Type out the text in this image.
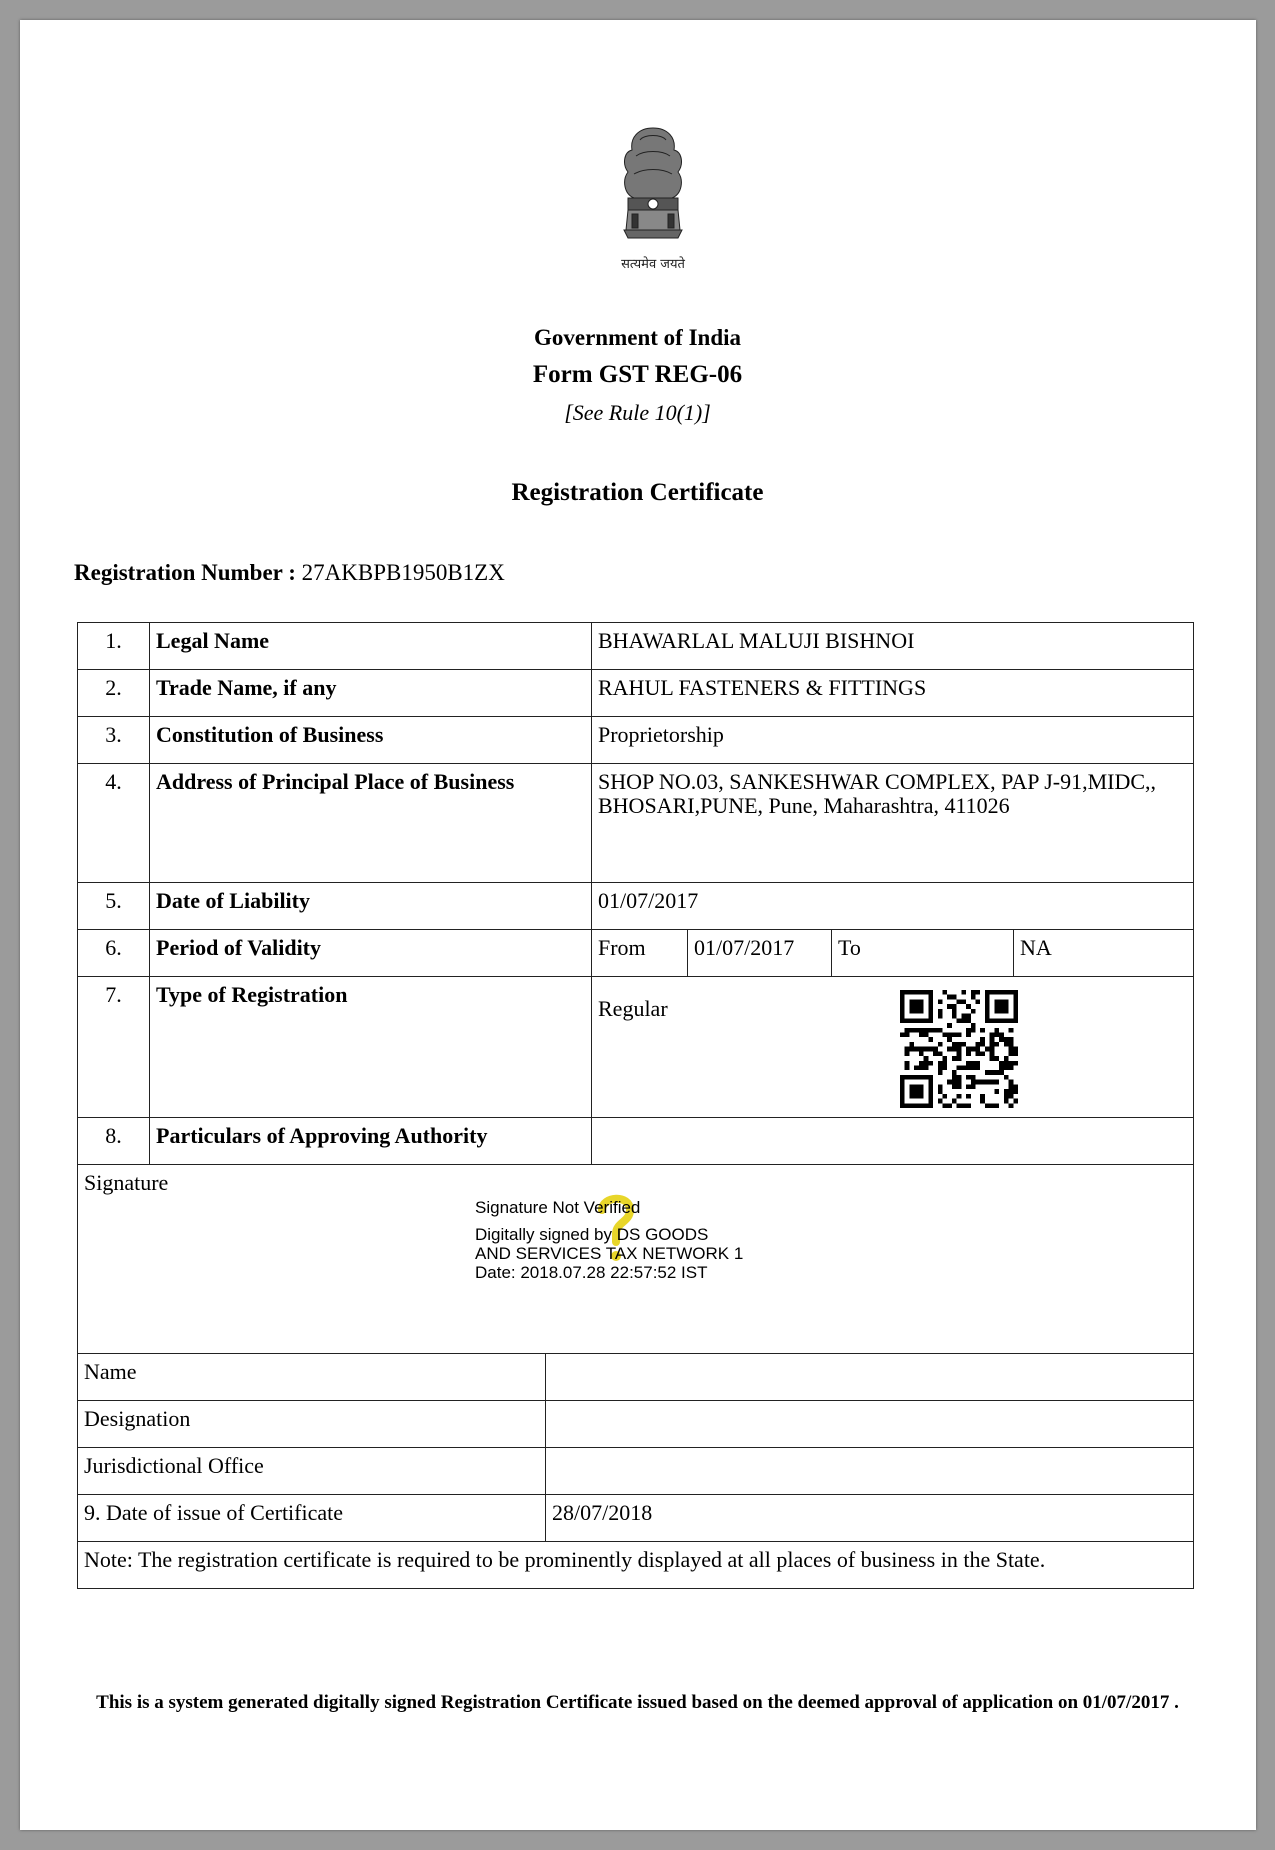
सत्यमेव जयते
Government of India
Form GST REG-06
[See Rule 10(1)]
Registration Certificate
Registration Number : 27AKBPB1950B1ZX
1.	Legal Name		BHAWARLAL MALUJI BISHNOI			
2.	Trade Name, if any		RAHUL FASTENERS & FITTINGS			
3.	Constitution of Business		Proprietorship			
4.	Address of Principal Place of Business		SHOP NO.03, SANKESHWAR COMPLEX, PAP J-91,MIDC,, BHOSARI,PUNE, Pune, Maharashtra, 411026			
5.	Date of Liability		01/07/2017			
6.	Period of Validity		From	01/07/2017	To	NA
7.	Type of Registration		Regular			
8.	Particulars of Approving Authority					
Signature						
Name						
Designation						
Jurisdictional Office						
9. Date of issue of Certificate		28/07/2018				
Note: The registration certificate is required to be prominently displayed at all places of business in the State.						
Signature Not Verified
Digitally signed by DS GOODS
AND SERVICES TAX NETWORK 1
Date: 2018.07.28 22:57:52 IST
This is a system generated digitally signed Registration Certificate issued based on the deemed approval of application on 01/07/2017 .
